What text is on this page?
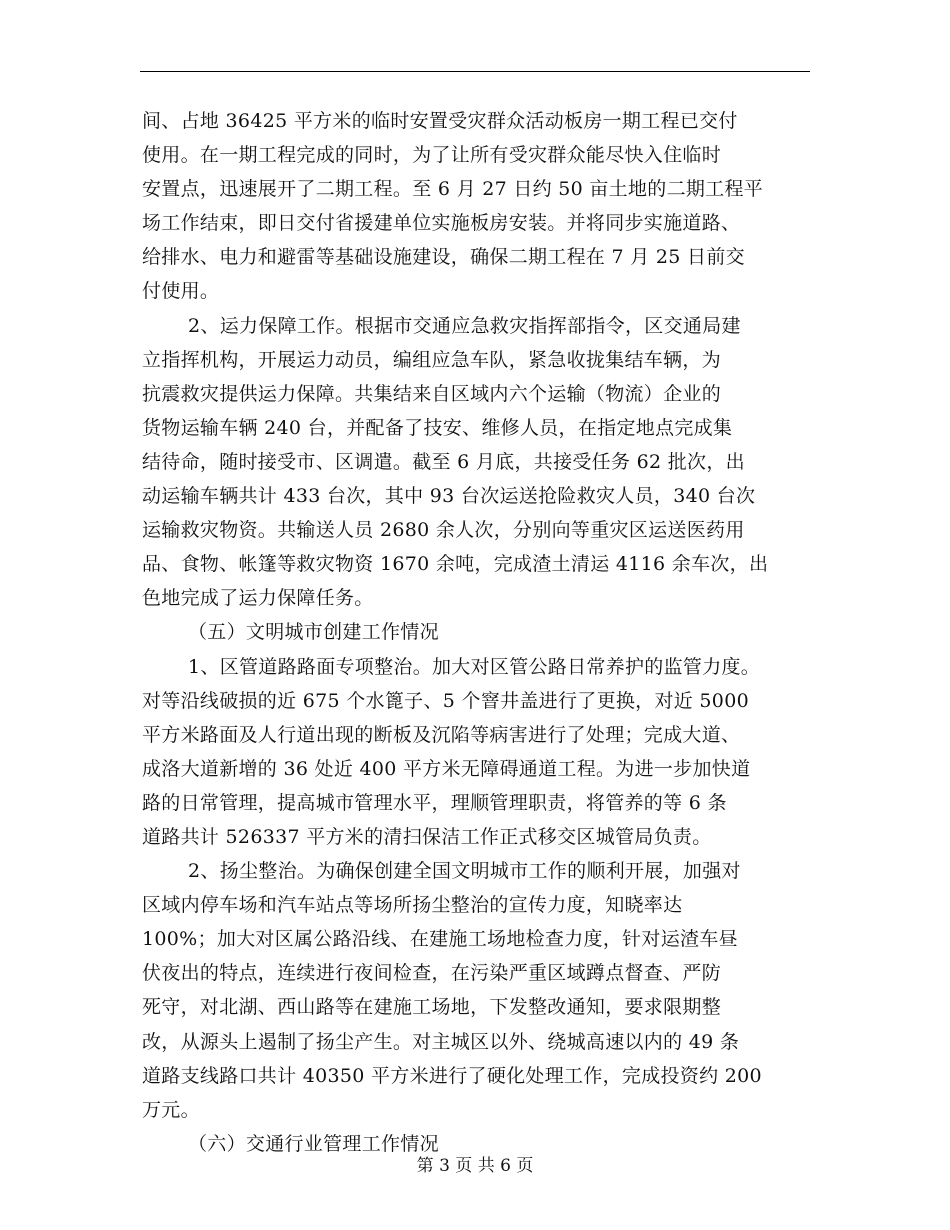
间、占地 36425 平方米的临时安置受灾群众活动板房一期工程已交付
使用。在一期工程完成的同时，为了让所有受灾群众能尽快入住临时
安置点，迅速展开了二期工程。至 6 月 27 日约 50 亩土地的二期工程平
场工作结束，即日交付省援建单位实施板房安装。并将同步实施道路、
给排水、电力和避雷等基础设施建设，确保二期工程在 7 月 25 日前交
付使用。
2、运力保障工作。根据市交通应急救灾指挥部指令，区交通局建
立指挥机构，开展运力动员，编组应急车队，紧急收拢集结车辆，为
抗震救灾提供运力保障。共集结来自区域内六个运输（物流）企业的
货物运输车辆 240 台，并配备了技安、维修人员，在指定地点完成集
结待命，随时接受市、区调遣。截至 6 月底，共接受任务 62 批次，出
动运输车辆共计 433 台次，其中 93 台次运送抢险救灾人员，340 台次
运输救灾物资。共输送人员 2680 余人次，分别向等重灾区运送医药用
品、食物、帐篷等救灾物资 1670 余吨，完成渣土清运 4116 余车次，出
色地完成了运力保障任务。
（五）文明城市创建工作情况
1、区管道路路面专项整治。加大对区管公路日常养护的监管力度。
对等沿线破损的近 675 个水篦子、5 个窨井盖进行了更换，对近 5000
平方米路面及人行道出现的断板及沉陷等病害进行了处理；完成大道、
成洛大道新增的 36 处近 400 平方米无障碍通道工程。为进一步加快道
路的日常管理，提高城市管理水平，理顺管理职责，将管养的等 6 条
道路共计 526337 平方米的清扫保洁工作正式移交区城管局负责。
2、扬尘整治。为确保创建全国文明城市工作的顺利开展，加强对
区域内停车场和汽车站点等场所扬尘整治的宣传力度，知晓率达
100%；加大对区属公路沿线、在建施工场地检查力度，针对运渣车昼
伏夜出的特点，连续进行夜间检查，在污染严重区域蹲点督查、严防
死守，对北湖、西山路等在建施工场地，下发整改通知，要求限期整
改，从源头上遏制了扬尘产生。对主城区以外、绕城高速以内的 49 条
道路支线路口共计 40350 平方米进行了硬化处理工作，完成投资约 200
万元。
（六）交通行业管理工作情况
第 3 页 共 6 页
